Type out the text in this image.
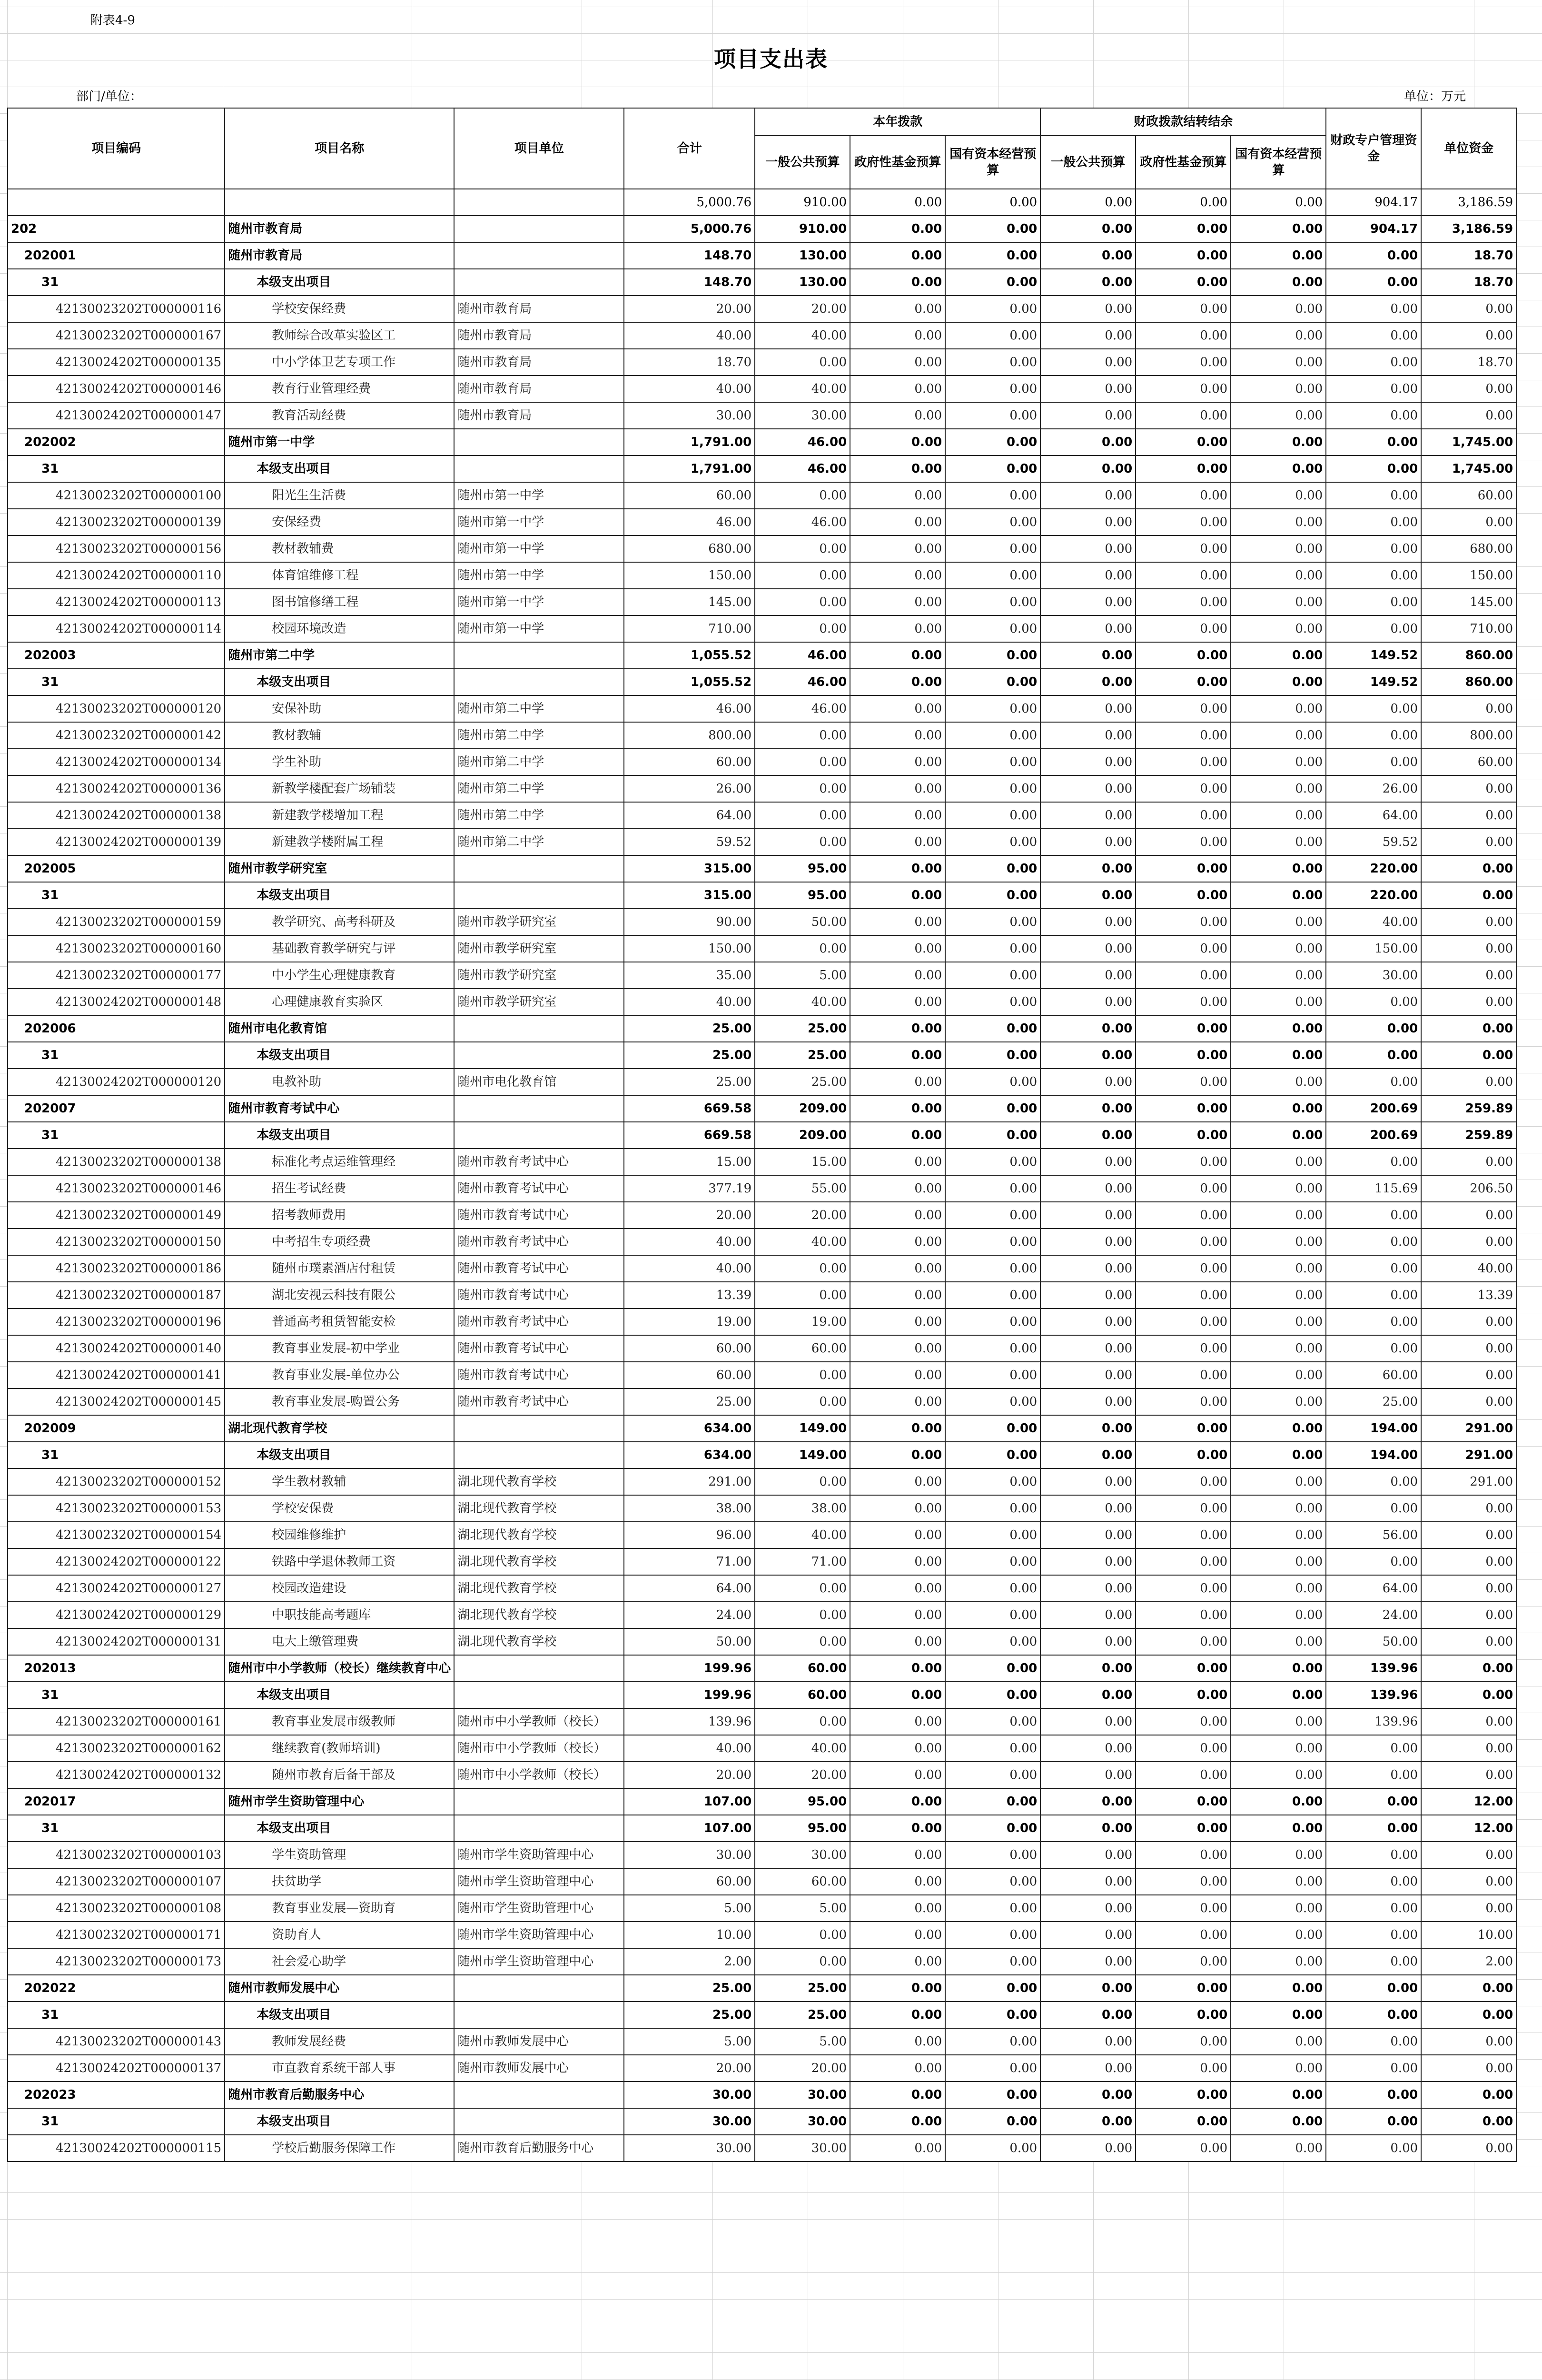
附表4-9
项目支出表
部门/单位：	单位：万元
项目编码	项目名称	项目单位	合计	本年拨款			财政拨款结转结余			财政专户管理资金	单位资金
				一般公共预算	政府性基金预算	国有资本经营预算	一般公共预算	政府性基金预算	国有资本经营预算		
			5,000.76	910.00	0.00	0.00	0.00	0.00	0.00	904.17	3,186.59
202	随州市教育局		5,000.76	910.00	0.00	0.00	0.00	0.00	0.00	904.17	3,186.59
202001	随州市教育局		148.70	130.00	0.00	0.00	0.00	0.00	0.00	0.00	18.70
31	本级支出项目		148.70	130.00	0.00	0.00	0.00	0.00	0.00	0.00	18.70
42130023202T000000116	学校安保经费	随州市教育局	20.00	20.00	0.00	0.00	0.00	0.00	0.00	0.00	0.00
42130023202T000000167	教师综合改革实验区工	随州市教育局	40.00	40.00	0.00	0.00	0.00	0.00	0.00	0.00	0.00
42130024202T000000135	中小学体卫艺专项工作	随州市教育局	18.70	0.00	0.00	0.00	0.00	0.00	0.00	0.00	18.70
42130024202T000000146	教育行业管理经费	随州市教育局	40.00	40.00	0.00	0.00	0.00	0.00	0.00	0.00	0.00
42130024202T000000147	教育活动经费	随州市教育局	30.00	30.00	0.00	0.00	0.00	0.00	0.00	0.00	0.00
202002	随州市第一中学		1,791.00	46.00	0.00	0.00	0.00	0.00	0.00	0.00	1,745.00
31	本级支出项目		1,791.00	46.00	0.00	0.00	0.00	0.00	0.00	0.00	1,745.00
42130023202T000000100	阳光生生活费	随州市第一中学	60.00	0.00	0.00	0.00	0.00	0.00	0.00	0.00	60.00
42130023202T000000139	安保经费	随州市第一中学	46.00	46.00	0.00	0.00	0.00	0.00	0.00	0.00	0.00
42130023202T000000156	教材教辅费	随州市第一中学	680.00	0.00	0.00	0.00	0.00	0.00	0.00	0.00	680.00
42130024202T000000110	体育馆维修工程	随州市第一中学	150.00	0.00	0.00	0.00	0.00	0.00	0.00	0.00	150.00
42130024202T000000113	图书馆修缮工程	随州市第一中学	145.00	0.00	0.00	0.00	0.00	0.00	0.00	0.00	145.00
42130024202T000000114	校园环境改造	随州市第一中学	710.00	0.00	0.00	0.00	0.00	0.00	0.00	0.00	710.00
202003	随州市第二中学		1,055.52	46.00	0.00	0.00	0.00	0.00	0.00	149.52	860.00
31	本级支出项目		1,055.52	46.00	0.00	0.00	0.00	0.00	0.00	149.52	860.00
42130023202T000000120	安保补助	随州市第二中学	46.00	46.00	0.00	0.00	0.00	0.00	0.00	0.00	0.00
42130023202T000000142	教材教辅	随州市第二中学	800.00	0.00	0.00	0.00	0.00	0.00	0.00	0.00	800.00
42130024202T000000134	学生补助	随州市第二中学	60.00	0.00	0.00	0.00	0.00	0.00	0.00	0.00	60.00
42130024202T000000136	新教学楼配套广场铺装	随州市第二中学	26.00	0.00	0.00	0.00	0.00	0.00	0.00	26.00	0.00
42130024202T000000138	新建教学楼增加工程	随州市第二中学	64.00	0.00	0.00	0.00	0.00	0.00	0.00	64.00	0.00
42130024202T000000139	新建教学楼附属工程	随州市第二中学	59.52	0.00	0.00	0.00	0.00	0.00	0.00	59.52	0.00
202005	随州市教学研究室		315.00	95.00	0.00	0.00	0.00	0.00	0.00	220.00	0.00
31	本级支出项目		315.00	95.00	0.00	0.00	0.00	0.00	0.00	220.00	0.00
42130023202T000000159	教学研究、高考科研及	随州市教学研究室	90.00	50.00	0.00	0.00	0.00	0.00	0.00	40.00	0.00
42130023202T000000160	基础教育教学研究与评	随州市教学研究室	150.00	0.00	0.00	0.00	0.00	0.00	0.00	150.00	0.00
42130023202T000000177	中小学生心理健康教育	随州市教学研究室	35.00	5.00	0.00	0.00	0.00	0.00	0.00	30.00	0.00
42130024202T000000148	心理健康教育实验区	随州市教学研究室	40.00	40.00	0.00	0.00	0.00	0.00	0.00	0.00	0.00
202006	随州市电化教育馆		25.00	25.00	0.00	0.00	0.00	0.00	0.00	0.00	0.00
31	本级支出项目		25.00	25.00	0.00	0.00	0.00	0.00	0.00	0.00	0.00
42130024202T000000120	电教补助	随州市电化教育馆	25.00	25.00	0.00	0.00	0.00	0.00	0.00	0.00	0.00
202007	随州市教育考试中心		669.58	209.00	0.00	0.00	0.00	0.00	0.00	200.69	259.89
31	本级支出项目		669.58	209.00	0.00	0.00	0.00	0.00	0.00	200.69	259.89
42130023202T000000138	标准化考点运维管理经	随州市教育考试中心	15.00	15.00	0.00	0.00	0.00	0.00	0.00	0.00	0.00
42130023202T000000146	招生考试经费	随州市教育考试中心	377.19	55.00	0.00	0.00	0.00	0.00	0.00	115.69	206.50
42130023202T000000149	招考教师费用	随州市教育考试中心	20.00	20.00	0.00	0.00	0.00	0.00	0.00	0.00	0.00
42130023202T000000150	中考招生专项经费	随州市教育考试中心	40.00	40.00	0.00	0.00	0.00	0.00	0.00	0.00	0.00
42130023202T000000186	随州市璞素酒店付租赁	随州市教育考试中心	40.00	0.00	0.00	0.00	0.00	0.00	0.00	0.00	40.00
42130023202T000000187	湖北安视云科技有限公	随州市教育考试中心	13.39	0.00	0.00	0.00	0.00	0.00	0.00	0.00	13.39
42130023202T000000196	普通高考租赁智能安检	随州市教育考试中心	19.00	19.00	0.00	0.00	0.00	0.00	0.00	0.00	0.00
42130024202T000000140	教育事业发展-初中学业	随州市教育考试中心	60.00	60.00	0.00	0.00	0.00	0.00	0.00	0.00	0.00
42130024202T000000141	教育事业发展-单位办公	随州市教育考试中心	60.00	0.00	0.00	0.00	0.00	0.00	0.00	60.00	0.00
42130024202T000000145	教育事业发展-购置公务	随州市教育考试中心	25.00	0.00	0.00	0.00	0.00	0.00	0.00	25.00	0.00
202009	湖北现代教育学校		634.00	149.00	0.00	0.00	0.00	0.00	0.00	194.00	291.00
31	本级支出项目		634.00	149.00	0.00	0.00	0.00	0.00	0.00	194.00	291.00
42130023202T000000152	学生教材教辅	湖北现代教育学校	291.00	0.00	0.00	0.00	0.00	0.00	0.00	0.00	291.00
42130023202T000000153	学校安保费	湖北现代教育学校	38.00	38.00	0.00	0.00	0.00	0.00	0.00	0.00	0.00
42130023202T000000154	校园维修维护	湖北现代教育学校	96.00	40.00	0.00	0.00	0.00	0.00	0.00	56.00	0.00
42130024202T000000122	铁路中学退休教师工资	湖北现代教育学校	71.00	71.00	0.00	0.00	0.00	0.00	0.00	0.00	0.00
42130024202T000000127	校园改造建设	湖北现代教育学校	64.00	0.00	0.00	0.00	0.00	0.00	0.00	64.00	0.00
42130024202T000000129	中职技能高考题库	湖北现代教育学校	24.00	0.00	0.00	0.00	0.00	0.00	0.00	24.00	0.00
42130024202T000000131	电大上缴管理费	湖北现代教育学校	50.00	0.00	0.00	0.00	0.00	0.00	0.00	50.00	0.00
202013	随州市中小学教师（校长）继续教育中心		199.96	60.00	0.00	0.00	0.00	0.00	0.00	139.96	0.00
31	本级支出项目		199.96	60.00	0.00	0.00	0.00	0.00	0.00	139.96	0.00
42130023202T000000161	教育事业发展市级教师	随州市中小学教师（校长）	139.96	0.00	0.00	0.00	0.00	0.00	0.00	139.96	0.00
42130023202T000000162	继续教育(教师培训)	随州市中小学教师（校长）	40.00	40.00	0.00	0.00	0.00	0.00	0.00	0.00	0.00
42130024202T000000132	随州市教育后备干部及	随州市中小学教师（校长）	20.00	20.00	0.00	0.00	0.00	0.00	0.00	0.00	0.00
202017	随州市学生资助管理中心		107.00	95.00	0.00	0.00	0.00	0.00	0.00	0.00	12.00
31	本级支出项目		107.00	95.00	0.00	0.00	0.00	0.00	0.00	0.00	12.00
42130023202T000000103	学生资助管理	随州市学生资助管理中心	30.00	30.00	0.00	0.00	0.00	0.00	0.00	0.00	0.00
42130023202T000000107	扶贫助学	随州市学生资助管理中心	60.00	60.00	0.00	0.00	0.00	0.00	0.00	0.00	0.00
42130023202T000000108	教育事业发展—资助育	随州市学生资助管理中心	5.00	5.00	0.00	0.00	0.00	0.00	0.00	0.00	0.00
42130023202T000000171	资助育人	随州市学生资助管理中心	10.00	0.00	0.00	0.00	0.00	0.00	0.00	0.00	10.00
42130023202T000000173	社会爱心助学	随州市学生资助管理中心	2.00	0.00	0.00	0.00	0.00	0.00	0.00	0.00	2.00
202022	随州市教师发展中心		25.00	25.00	0.00	0.00	0.00	0.00	0.00	0.00	0.00
31	本级支出项目		25.00	25.00	0.00	0.00	0.00	0.00	0.00	0.00	0.00
42130023202T000000143	教师发展经费	随州市教师发展中心	5.00	5.00	0.00	0.00	0.00	0.00	0.00	0.00	0.00
42130024202T000000137	市直教育系统干部人事	随州市教师发展中心	20.00	20.00	0.00	0.00	0.00	0.00	0.00	0.00	0.00
202023	随州市教育后勤服务中心		30.00	30.00	0.00	0.00	0.00	0.00	0.00	0.00	0.00
31	本级支出项目		30.00	30.00	0.00	0.00	0.00	0.00	0.00	0.00	0.00
42130024202T000000115	学校后勤服务保障工作	随州市教育后勤服务中心	30.00	30.00	0.00	0.00	0.00	0.00	0.00	0.00	0.00
